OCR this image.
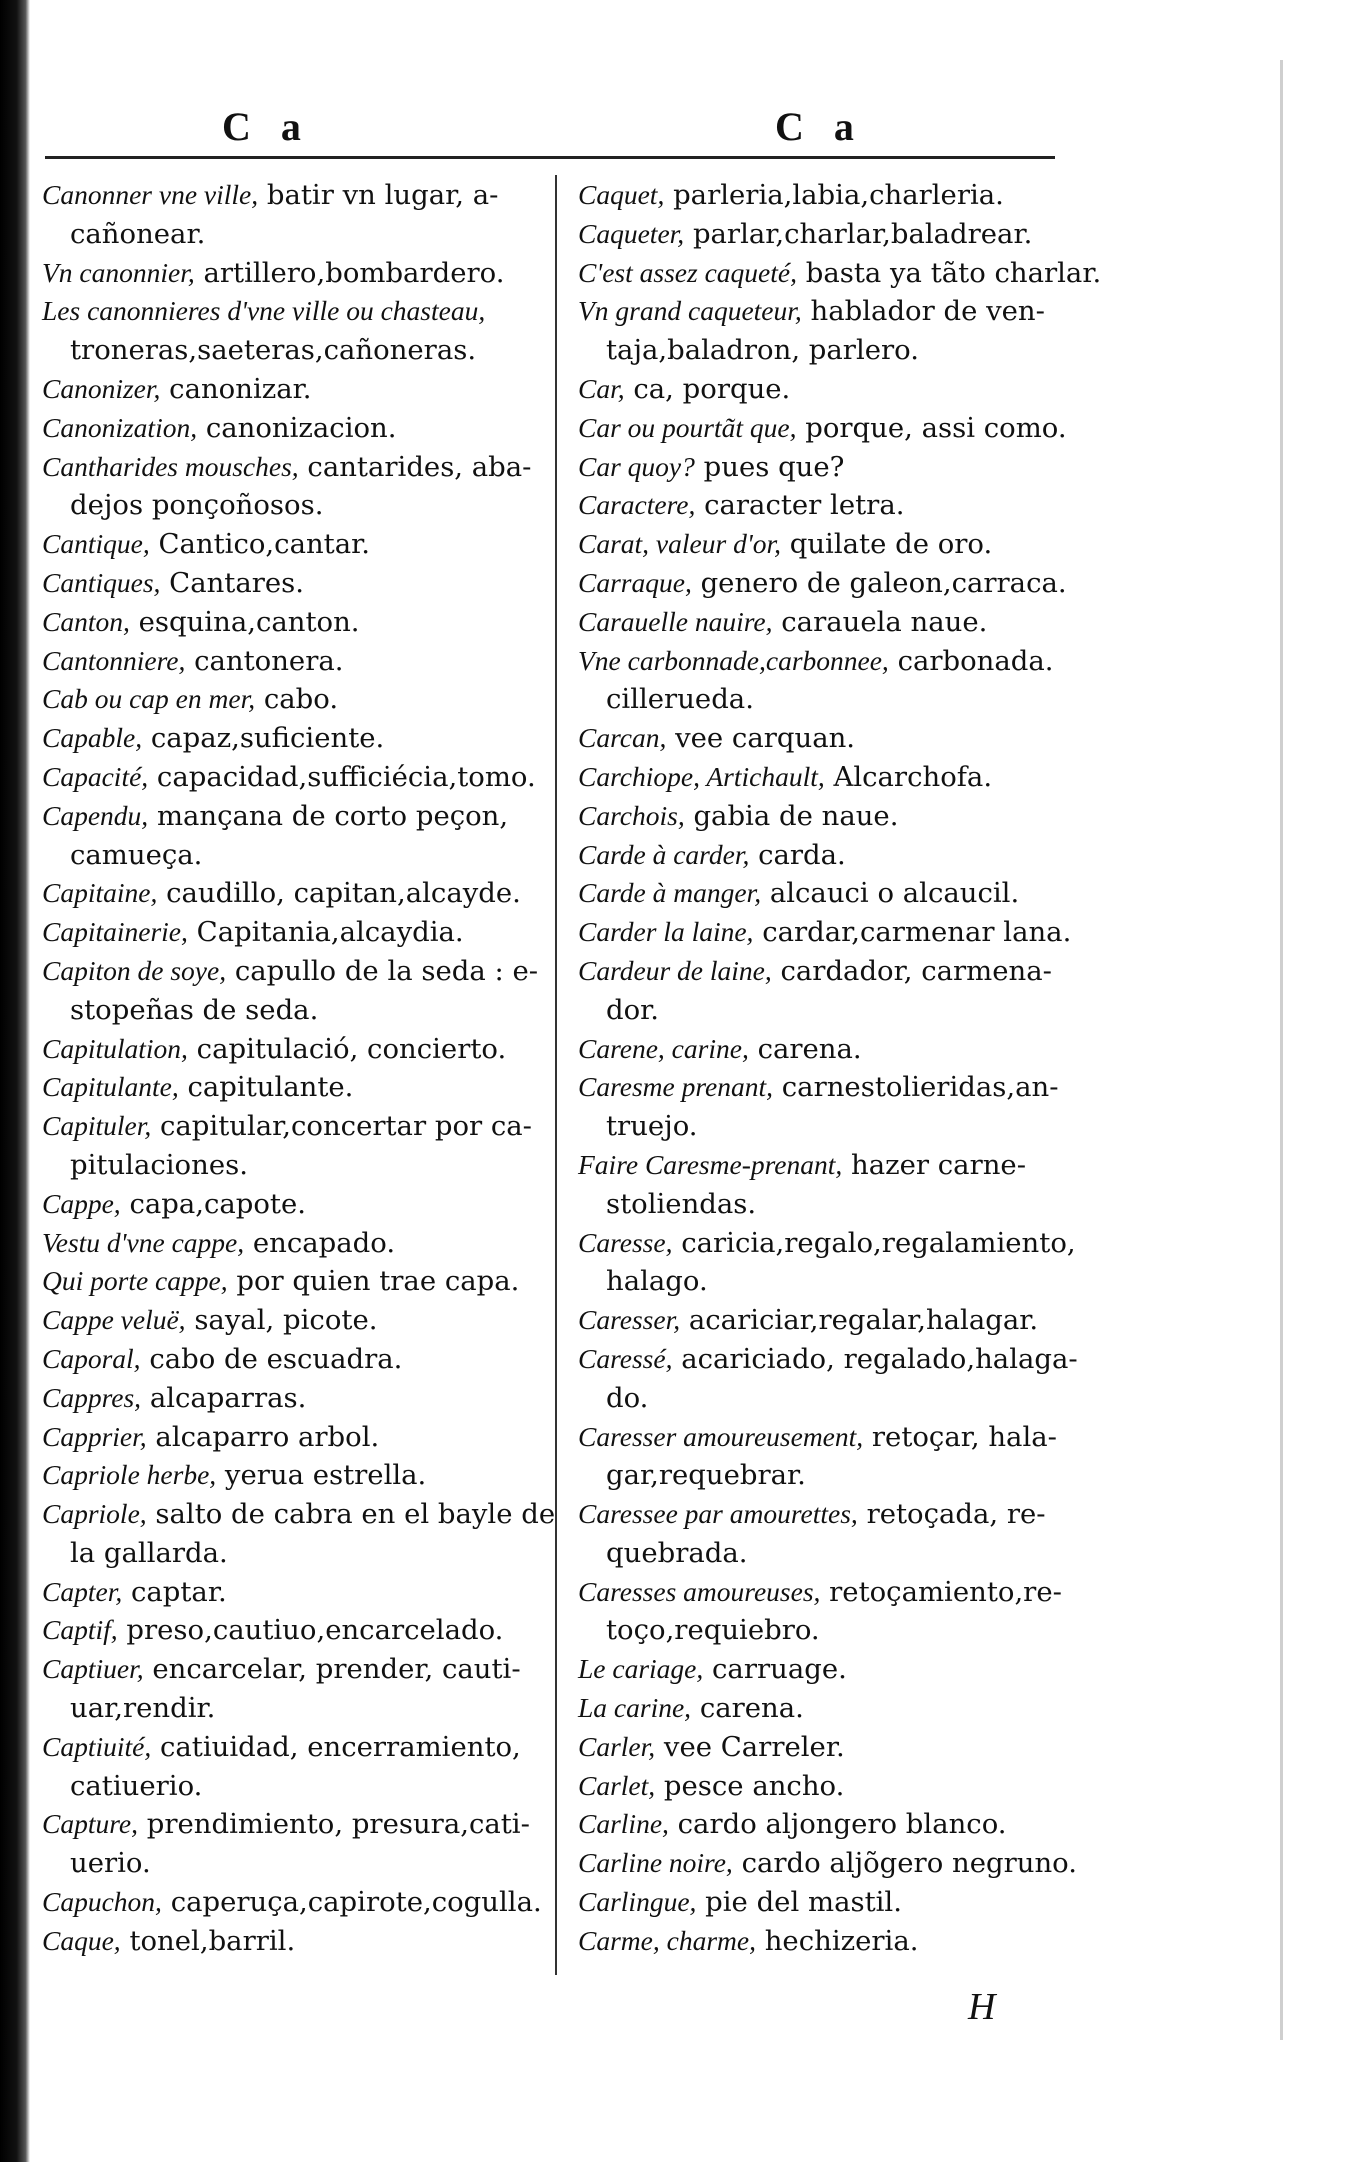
C a	C a
Canonner vne ville, batir vn lugar, a-
cañonear.
Vn canonnier, artillero,bombardero.
Les canonnieres d'vne ville ou chasteau,
troneras,saeteras,cañoneras.
Canonizer, canonizar.
Canonization, canonizacion.
Cantharides mousches, cantarides, aba-
dejos ponçoñosos.
Cantique, Cantico,cantar.
Cantiques, Cantares.
Canton, esquina,canton.
Cantonniere, cantonera.
Cab ou cap en mer, cabo.
Capable, capaz,suficiente.
Capacité, capacidad,sufficiécia,tomo.
Capendu, mançana de corto peçon,
camueça.
Capitaine, caudillo, capitan,alcayde.
Capitainerie, Capitania,alcaydia.
Capiton de soye, capullo de la seda : e-
stopeñas de seda.
Capitulation, capitulació, concierto.
Capitulante, capitulante.
Capituler, capitular,concertar por ca-
pitulaciones.
Cappe, capa,capote.
Vestu d'vne cappe, encapado.
Qui porte cappe, por quien trae capa.
Cappe veluë, sayal, picote.
Caporal, cabo de escuadra.
Cappres, alcaparras.
Capprier, alcaparro arbol.
Capriole herbe, yerua estrella.
Capriole, salto de cabra en el bayle de
la gallarda.
Capter, captar.
Captif, preso,cautiuo,encarcelado.
Captiuer, encarcelar, prender, cauti-
uar,rendir.
Captiuité, catiuidad, encerramiento,
catiuerio.
Capture, prendimiento, presura,cati-
uerio.
Capuchon, caperuça,capirote,cogulla.
Caque, tonel,barril.
Caquet, parleria,labia,charleria.
Caqueter, parlar,charlar,baladrear.
C'est assez caqueté, basta ya tãto charlar.
Vn grand caqueteur, hablador de ven-
taja,baladron, parlero.
Car, ca, porque.
Car ou pourtãt que, porque, assi como.
Car quoy? pues que?
Caractere, caracter letra.
Carat, valeur d'or, quilate de oro.
Carraque, genero de galeon,carraca.
Carauelle nauire, carauela naue.
Vne carbonnade,carbonnee, carbonada.
cillerueda.
Carcan, vee carquan.
Carchiope, Artichault, Alcarchofa.
Carchois, gabia de naue.
Carde à carder, carda.
Carde à manger, alcauci o alcaucil.
Carder la laine, cardar,carmenar lana.
Cardeur de laine, cardador, carmena-
dor.
Carene, carine, carena.
Caresme prenant, carnestolieridas,an-
truejo.
Faire Caresme-prenant, hazer carne-
stoliendas.
Caresse, caricia,regalo,regalamiento,
halago.
Caresser, acariciar,regalar,halagar.
Caressé, acariciado, regalado,halaga-
do.
Caresser amoureusement, retoçar, hala-
gar,requebrar.
Caressee par amourettes, retoçada, re-
quebrada.
Caresses amoureuses, retoçamiento,re-
toço,requiebro.
Le cariage, carruage.
La carine, carena.
Carler, vee Carreler.
Carlet, pesce ancho.
Carline, cardo aljongero blanco.
Carline noire, cardo aljõgero negruno.
Carlingue, pie del mastil.
Carme, charme, hechizeria.
H
